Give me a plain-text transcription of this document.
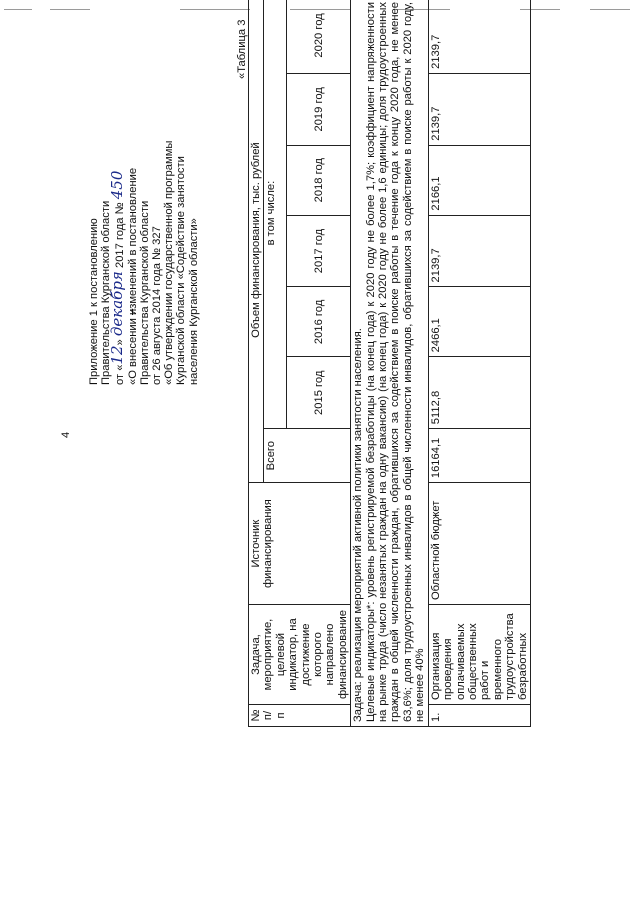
4
Приложение 1 к постановлению Правительства Курганской области от «12» декабря 2017 года № 450
«О внесении изменений в постановление Правительства Курганской области от 26 августа 2014 года № 327 «Об утверждении государственной программы Курганской области «Содействие занятости населения Курганской области»
«Таблица 3
№ п/п	Задача, мероприятие, целевой индикатор, на достижение которого направлено финансирование	Источник финансирования	Объем финансирования, тыс. рублей						
			Всего	в том числе:					
				2015 год	2016 год	2017 год	2018 год	2019 год	2020 год

Задача: реализация мероприятий активной политики занятости населения. Целевые индикаторы*: уровень регистрируемой безработицы (на конец года) к 2020 году не более 1,7%; коэффициент напряженности на рынке труда (число незанятых граждан на одну вакансию) (на конец года) к 2020 году не более 1,6 единицы; доля трудоустроенных граждан в общей численности граждан, обратившихся за содействием в поиске работы в течение года к концу 2020 года, не менее 63,6%; доля трудоустроенных инвалидов в общей численности инвалидов, обратившихся за содействием в поиске работы к 2020 году, не менее 40%									

1.	Организация проведения оплачиваемых общественных работ и временного трудоустройства безработных	Областной бюджет	16164,1	5112,8	2466,1	2139,7	2166,1	2139,7	2139,7
